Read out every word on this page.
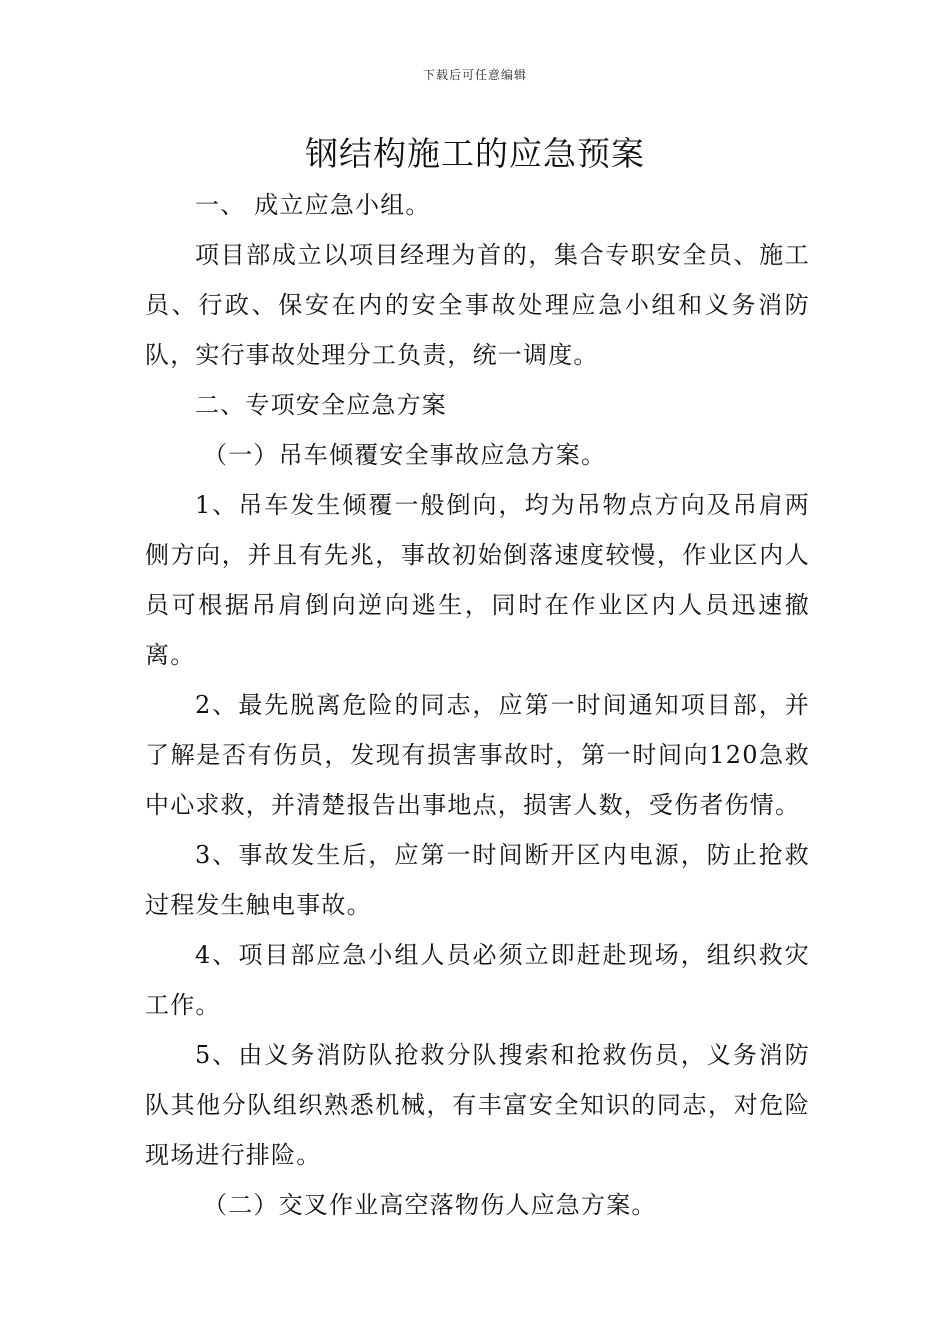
下载后可任意编辑
钢结构施工的应急预案

一、 成立应急小组。

项目部成立以项目经理为首的，集合专职安全员、施工员、行政、保安在内的安全事故处理应急小组和义务消防队，实行事故处理分工负责，统一调度。

二、专项安全应急方案

（一）吊车倾覆安全事故应急方案。

1、吊车发生倾覆一般倒向，均为吊物点方向及吊肩两侧方向，并且有先兆，事故初始倒落速度较慢，作业区内人员可根据吊肩倒向逆向逃生，同时在作业区内人员迅速撤离。

2、最先脱离危险的同志，应第一时间通知项目部，并了解是否有伤员，发现有损害事故时，第一时间向120急救中心求救，并清楚报告出事地点，损害人数，受伤者伤情。

3、事故发生后，应第一时间断开区内电源，防止抢救过程发生触电事故。

4、项目部应急小组人员必须立即赶赴现场，组织救灾工作。

5、由义务消防队抢救分队搜索和抢救伤员，义务消防队其他分队组织熟悉机械，有丰富安全知识的同志，对危险现场进行排险。

（二）交叉作业高空落物伤人应急方案。
